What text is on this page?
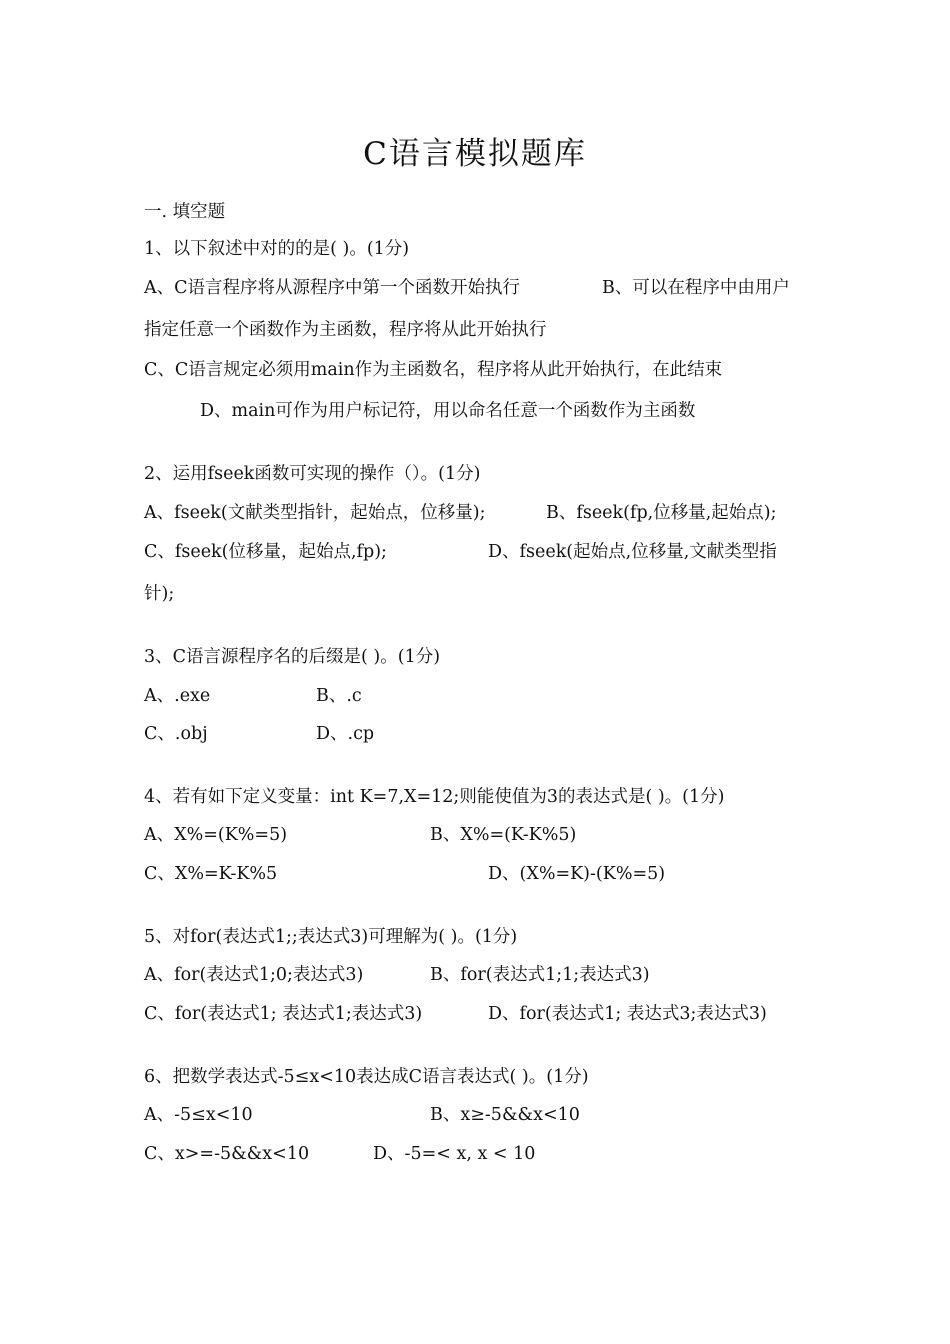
C语言模拟题库
一. 填空题
1、以下叙述中对的的是( )。(1分)
A、C语言程序将从源程序中第一个函数开始执行	B、可以在程序中由用户
指定任意一个函数作为主函数，程序将从此开始执行
C、C语言规定必须用main作为主函数名，程序将从此开始执行，在此结束
D、main可作为用户标记符，用以命名任意一个函数作为主函数
2、运用fseek函数可实现的操作（）。(1分)
A、fseek(文献类型指针，起始点，位移量);	B、fseek(fp,位移量,起始点);
C、fseek(位移量，起始点,fp);	D、fseek(起始点,位移量,文献类型指
针);
3、C语言源程序名的后缀是( )。(1分)
A、.exe	B、.c
C、.obj	D、.cp
4、若有如下定义变量：int K=7,X=12;则能使值为3的表达式是( )。(1分)
A、X%=(K%=5)	B、X%=(K-K%5)
C、X%=K-K%5	D、(X%=K)-(K%=5)
5、对for(表达式1;;表达式3)可理解为( )。(1分)
A、for(表达式1;0;表达式3)	B、for(表达式1;1;表达式3)
C、for(表达式1; 表达式1;表达式3)	D、for(表达式1; 表达式3;表达式3)
6、把数学表达式-5≤x<10表达成C语言表达式( )。(1分)
A、-5≤x<10	B、x≥-5&&x<10
C、x>=-5&&x<10	D、-5=< x, x < 10
